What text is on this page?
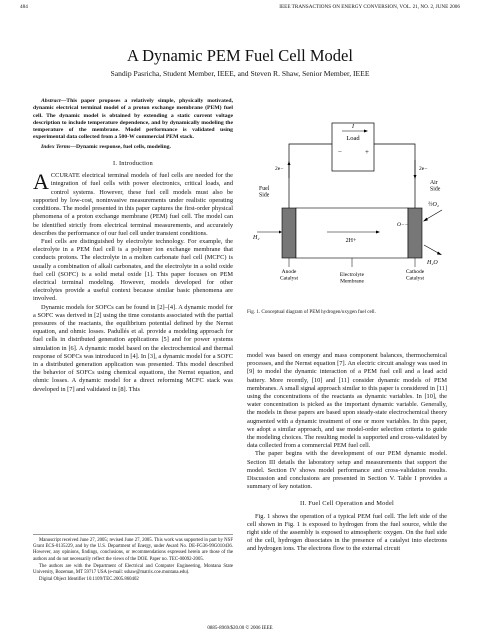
484	IEEE TRANSACTIONS ON ENERGY CONVERSION, VOL. 21, NO. 2, JUNE 2006
A Dynamic PEM Fuel Cell Model
Sandip Pasricha, Student Member, IEEE, and Steven R. Shaw, Senior Member, IEEE

Abstract—This paper proposes a relatively simple, physically motivated, dynamic electrical terminal model of a proton exchange membrane (PEM) fuel cell. The dynamic model is obtained by extending a static current voltage description to include temperature dependence, and by dynamically modeling the temperature of the membrane. Model performance is validated using experimental data collected from a 500-W commercial PEM stack.

Index Terms—Dynamic response, fuel cells, modeling.

I. Introduction

ACCURATE electrical terminal models of fuel cells are needed for the integration of fuel cells with power electronics, critical loads, and control systems. However, these fuel cell models must also be supported by low-cost, noninvasive measurements under realistic operating conditions. The model presented in this paper captures the first-order physical phenomena of a proton exchange membrane (PEM) fuel cell. The model can be identified strictly from electrical terminal measurements, and accurately describes the performance of our fuel cell under transient conditions.

Fuel cells are distinguished by electrolyte technology. For example, the electrolyte in a PEM fuel cell is a polymer ion exchange membrane that conducts protons. The electrolyte in a molten carbonate fuel cell (MCFC) is usually a combination of alkali carbonates, and the electrolyte in a solid oxide fuel cell (SOFC) is a solid metal oxide [1]. This paper focuses on PEM electrical terminal modeling. However, models developed for other electrolytes provide a useful context because similar basic phenomena are involved.

Dynamic models for SOFCs can be found in [2]–[4]. A dynamic model for a SOFC was derived in [2] using the time constants associated with the partial pressures of the reactants, the equilibrium potential defined by the Nernst equation, and ohmic losses. Padullés et al. provide a modeling approach for fuel cells in distributed generation applications [5] and for power systems simulation in [6]. A dynamic model based on the electrochemical and thermal response of SOFCs was introduced in [4]. In [3], a dynamic model for a SOFC in a distributed generation application was presented. This model described the behavior of SOFCs using chemical equations, the Nernst equation, and ohmic losses. A dynamic model for a direct reforming MCFC stack was developed in [7] and validated in [8]. This

Manuscript received June 27, 2005; revised June 27, 2005. This work was supported in part by NSF Grant ECS-0135229, and by the U.S. Department of Energy, under Award No. DE-FG36-99G010436. However, any opinions, findings, conclusions, or recommendations expressed herein are those of the authors and do not necessarily reflect the views of the DOE. Paper no. TEC-00092-2005.

The authors are with the Department of Electrical and Computer Engineering, Montana State University, Bozeman, MT 59717 USA (e-mail: sshaw@matrix.coe.montana.edu).

Digital Object Identifier 10.1109/TEC.2005.860402

I
Load
−	+
2e−	2e−
2H+
H₂
Fuel Side
Air Side
½O₂
O−−
H₂O
Anode Catalyst
Electrolyte Membrane
Cathode Catalyst
Fig. 1. Conceptual diagram of PEM hydrogen/oxygen fuel cell.

model was based on energy and mass component balances, thermochemical processes, and the Nernst equation [7]. An electric circuit analogy was used in [9] to model the dynamic interaction of a PEM fuel cell and a lead acid battery. More recently, [10] and [11] consider dynamic models of PEM membranes. A small signal approach similar to this paper is considered in [11] using the concentrations of the reactants as dynamic variables. In [10], the water concentration is picked as the important dynamic variable. Generally, the models in these papers are based upon steady-state electrochemical theory augmented with a dynamic treatment of one or more variables. In this paper, we adopt a similar approach, and use model-order selection criteria to guide the modeling choices. The resulting model is supported and cross-validated by data collected from a commercial PEM fuel cell.

The paper begins with the development of our PEM dynamic model. Section III details the laboratory setup and measurements that support the model. Section IV shows model performance and cross-validation results. Discussion and conclusions are presented in Section V. Table I provides a summary of key notation.

II. Fuel Cell Operation and Model

Fig. 1 shows the operation of a typical PEM fuel cell. The left side of the cell shown in Fig. 1 is exposed to hydrogen from the fuel source, while the right side of the assembly is exposed to atmospheric oxygen. On the fuel side of the cell, hydrogen dissociates in the presence of a catalyst into electrons and hydrogen ions. The electrons flow to the external circuit

0885-8969/$20.00 © 2006 IEEE
